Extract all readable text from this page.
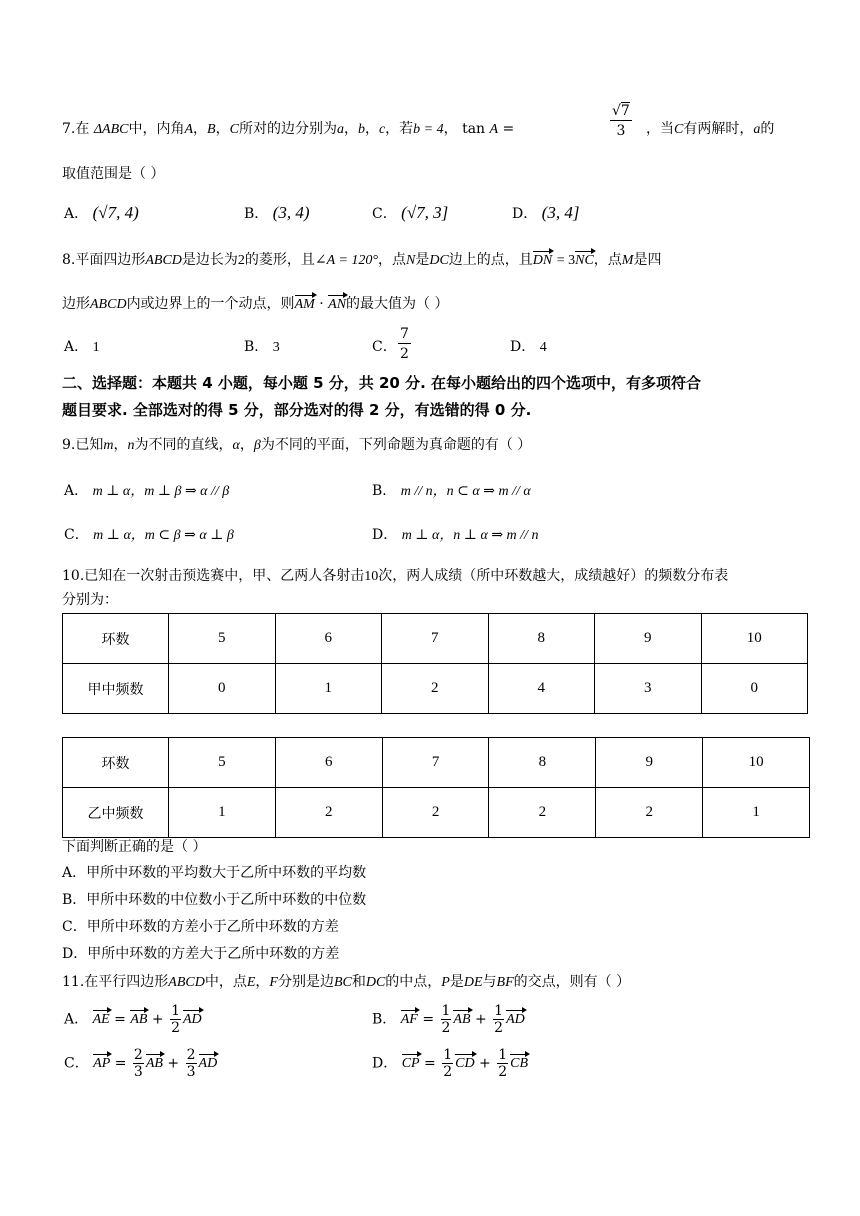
7.在 ΔABC中，内角A，B，C所对的边分别为a，b，c，若b = 4， tan A =
√7
3	，当C有两解时，a的
取值范围是（ ）
A． (√7, 4)	B． (3, 4)	C． (√7, 3]	D． (3, 4]
8.平面四边形ABCD是边长为2的菱形，且∠A = 120°，点N是DC边上的点，且DN = 3NC，点M是四
边形ABCD内或边界上的一个动点，则AM · AN的最大值为（ ）
A． 1	B． 3	C．
7
2	D． 4
二、选择题：本题共 4 小题，每小题 5 分，共 20 分. 在每小题给出的四个选项中，有多项符合
题目要求. 全部选对的得 5 分，部分选对的得 2 分，有选错的得 0 分.
9.已知m，n为不同的直线，α，β为不同的平面，下列命题为真命题的有（ ）
A． m ⊥ α，m ⊥ β ⇒ α // β	B． m // n，n ⊂ α ⇒ m // α
C． m ⊥ α，m ⊂ β ⇒ α ⊥ β	D． m ⊥ α，n ⊥ α ⇒ m // n
10.已知在一次射击预选赛中，甲、乙两人各射击10次，两人成绩（所中环数越大，成绩越好）的频数分布表
分别为：
环数	5	6	7	8	9	10
甲中频数	0	1	2	4	3	0
环数	5	6	7	8	9	10
乙中频数	1	2	2	2	2	1
下面判断正确的是（ ）
A．甲所中环数的平均数大于乙所中环数的平均数
B．甲所中环数的中位数小于乙所中环数的中位数
C．甲所中环数的方差小于乙所中环数的方差
D．甲所中环数的方差大于乙所中环数的方差
11.在平行四边形ABCD中，点E，F分别是边BC和DC的中点，P是DE与BF的交点，则有（ ）
A． AE = AB + $\frac{1}{2}$ AD	B． AF = $\frac{1}{2}$ AB + $\frac{1}{2}$ AD
C． AP = $\frac{2}{3}$ AB + $\frac{2}{3}$ AD	D． CP = $\frac{1}{2}$ CD + $\frac{1}{2}$ CB
